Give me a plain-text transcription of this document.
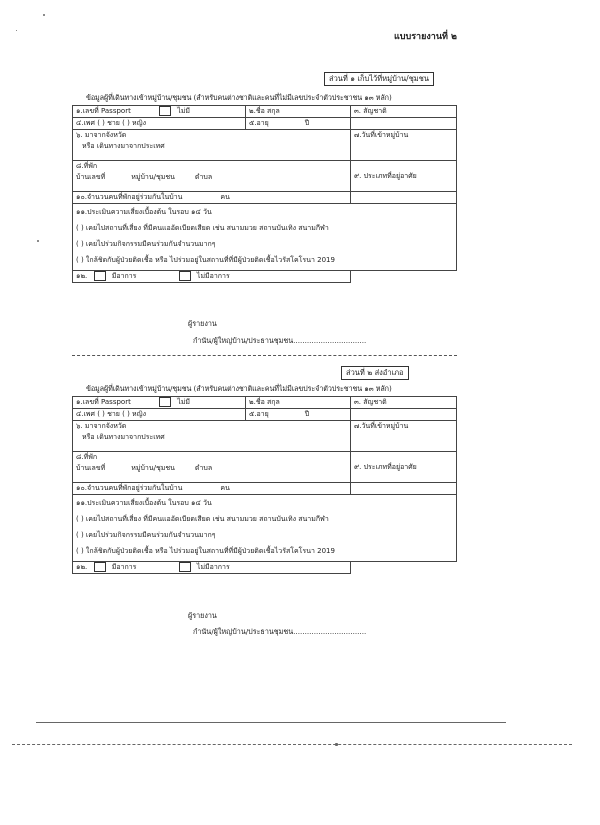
แบบรายงานที่ ๒
ส่วนที่ ๑ เก็บไว้ที่หมู่บ้าน/ชุมชน
ข้อมูลผู้ที่เดินทางเข้าหมู่บ้าน/ชุมชน (สำหรับคนต่างชาติและคนที่ไม่มีเลขประจำตัวประชาชน ๑๓ หลัก)
๑.เลขที่ Passport ไม่มี	๒.ชื่อ สกุล	๓. สัญชาติ
๔.เพศ ( ) ชาย ( ) หญิง	๕.อายุ ปี	

๖. มาจากจังหวัด
หรือ เดินทางมาจากประเทศ		๗.วันที่เข้าหมู่บ้าน

๘.ที่พัก
บ้านเลขที่ หมู่บ้าน/ชุมชน ตำบล		๙. ประเภทที่อยู่อาศัย
๑๐.จำนวนคนที่พักอยู่ร่วมกันในบ้าน คน		

๑๑.ประเมินความเสี่ยงเบื้องต้น ในรอบ ๑๔ วัน
( ) เคยไปสถานที่เสี่ยง ที่มีคนแออัดเบียดเสียด เช่น สนามมวย สถานบันเทิง สนามกีฬา
( ) เคยไปร่วมกิจกรรมมีคนร่วมกันจำนวนมากๆ
( ) ใกล้ชิดกับผู้ป่วยติดเชื้อ หรือ ไปร่วมอยู่ในสถานที่ที่มีผู้ป่วยติดเชื้อไวรัสโคโรนา 2019		

๑๒. มีอาการ ไม่มีอาการ		
ผู้รายงาน
กำนัน/ผู้ใหญ่บ้าน/ประธานชุมชน................................
ส่วนที่ ๒ ส่งอำเภอ
ข้อมูลผู้ที่เดินทางเข้าหมู่บ้าน/ชุมชน (สำหรับคนต่างชาติและคนที่ไม่มีเลขประจำตัวประชาชน ๑๓ หลัก)
๑.เลขที่ Passport ไม่มี	๒.ชื่อ สกุล	๓. สัญชาติ
๔.เพศ ( ) ชาย ( ) หญิง	๕.อายุ ปี	

๖. มาจากจังหวัด
หรือ เดินทางมาจากประเทศ		๗.วันที่เข้าหมู่บ้าน

๘.ที่พัก
บ้านเลขที่ หมู่บ้าน/ชุมชน ตำบล		๙. ประเภทที่อยู่อาศัย
๑๐.จำนวนคนที่พักอยู่ร่วมกันในบ้าน คน		

๑๑.ประเมินความเสี่ยงเบื้องต้น ในรอบ ๑๔ วัน
( ) เคยไปสถานที่เสี่ยง ที่มีคนแออัดเบียดเสียด เช่น สนามมวย สถานบันเทิง สนามกีฬา
( ) เคยไปร่วมกิจกรรมมีคนร่วมกันจำนวนมากๆ
( ) ใกล้ชิดกับผู้ป่วยติดเชื้อ หรือ ไปร่วมอยู่ในสถานที่ที่มีผู้ป่วยติดเชื้อไวรัสโคโรนา 2019		

๑๒. มีอาการ ไม่มีอาการ		
ผู้รายงาน
กำนัน/ผู้ใหญ่บ้าน/ประธานชุมชน................................
